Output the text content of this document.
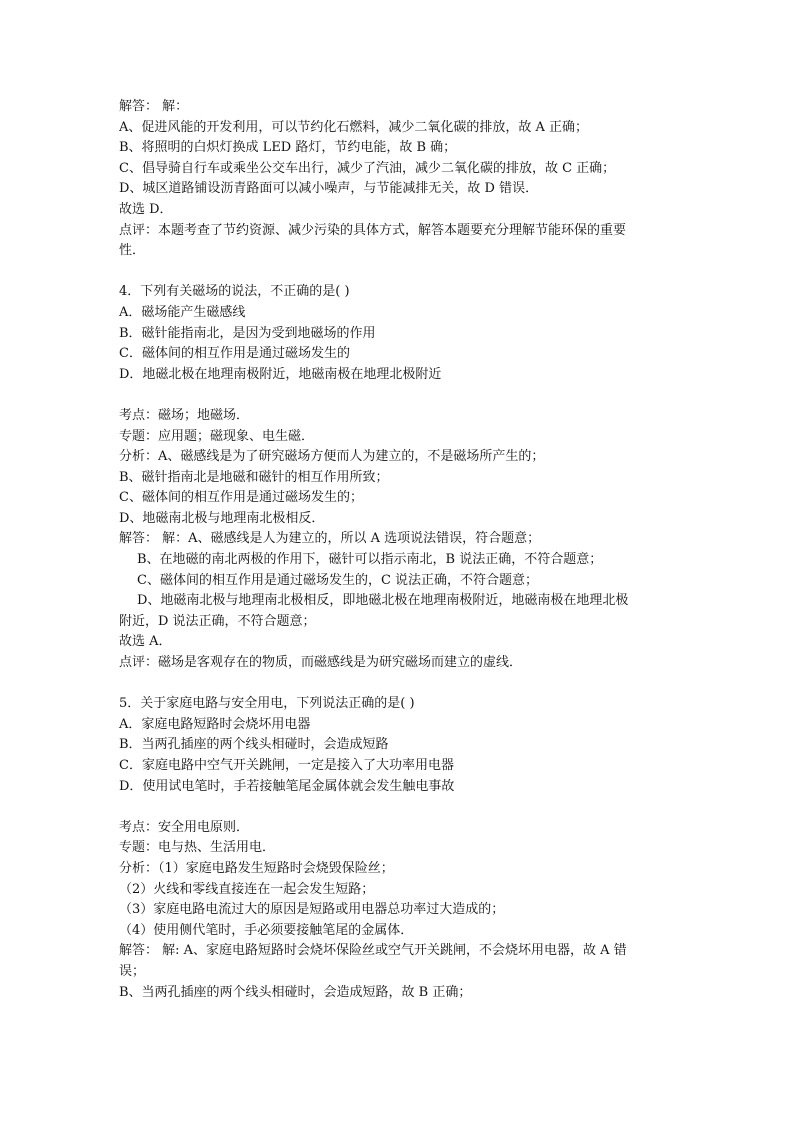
解答： 解：
A、促进风能的开发利用，可以节约化石燃料，减少二氧化碳的排放，故 A 正确；
B、将照明的白炽灯换成 LED 路灯，节约电能，故 B 确；
C、倡导骑自行车或乘坐公交车出行，减少了汽油，减少二氧化碳的排放，故 C 正确；
D、城区道路铺设沥青路面可以减小噪声，与节能减排无关，故 D 错误．
故选 D．
点评：本题考查了节约资源、减少污染的具体方式，解答本题要充分理解节能环保的重要
性．
4．下列有关磁场的说法，不正确的是( )
A．磁场能产生磁感线
B．磁针能指南北，是因为受到地磁场的作用
C．磁体间的相互作用是通过磁场发生的
D．地磁北极在地理南极附近，地磁南极在地理北极附近
考点：磁场；地磁场．
专题：应用题；磁现象、电生磁．
分析：A、磁感线是为了研究磁场方便而人为建立的，不是磁场所产生的；
B、磁针指南北是地磁和磁针的相互作用所致；
C、磁体间的相互作用是通过磁场发生的；
D、地磁南北极与地理南北极相反．
解答： 解：A、磁感线是人为建立的，所以 A 选项说法错误，符合题意；
B、在地磁的南北两极的作用下，磁针可以指示南北，B 说法正确，不符合题意；
C、磁体间的相互作用是通过磁场发生的，C 说法正确，不符合题意；
D、地磁南北极与地理南北极相反，即地磁北极在地理南极附近，地磁南极在地理北极
附近，D 说法正确，不符合题意；
故选 A．
点评：磁场是客观存在的物质，而磁感线是为研究磁场而建立的虚线．
5．关于家庭电路与安全用电，下列说法正确的是( )
A．家庭电路短路时会烧坏用电器
B．当两孔插座的两个线头相碰时，会造成短路
C．家庭电路中空气开关跳闸，一定是接入了大功率用电器
D．使用试电笔时，手若接触笔尾金属体就会发生触电事故
考点：安全用电原则．
专题：电与热、生活用电．
分析：（1）家庭电路发生短路时会烧毁保险丝；
（2）火线和零线直接连在一起会发生短路；
（3）家庭电路电流过大的原因是短路或用电器总功率过大造成的；
（4）使用侧代笔时，手必须要接触笔尾的金属体．
解答： 解: A、家庭电路短路时会烧坏保险丝或空气开关跳闸，不会烧坏用电器，故 A 错
误；
B、当两孔插座的两个线头相碰时，会造成短路，故 B 正确；
